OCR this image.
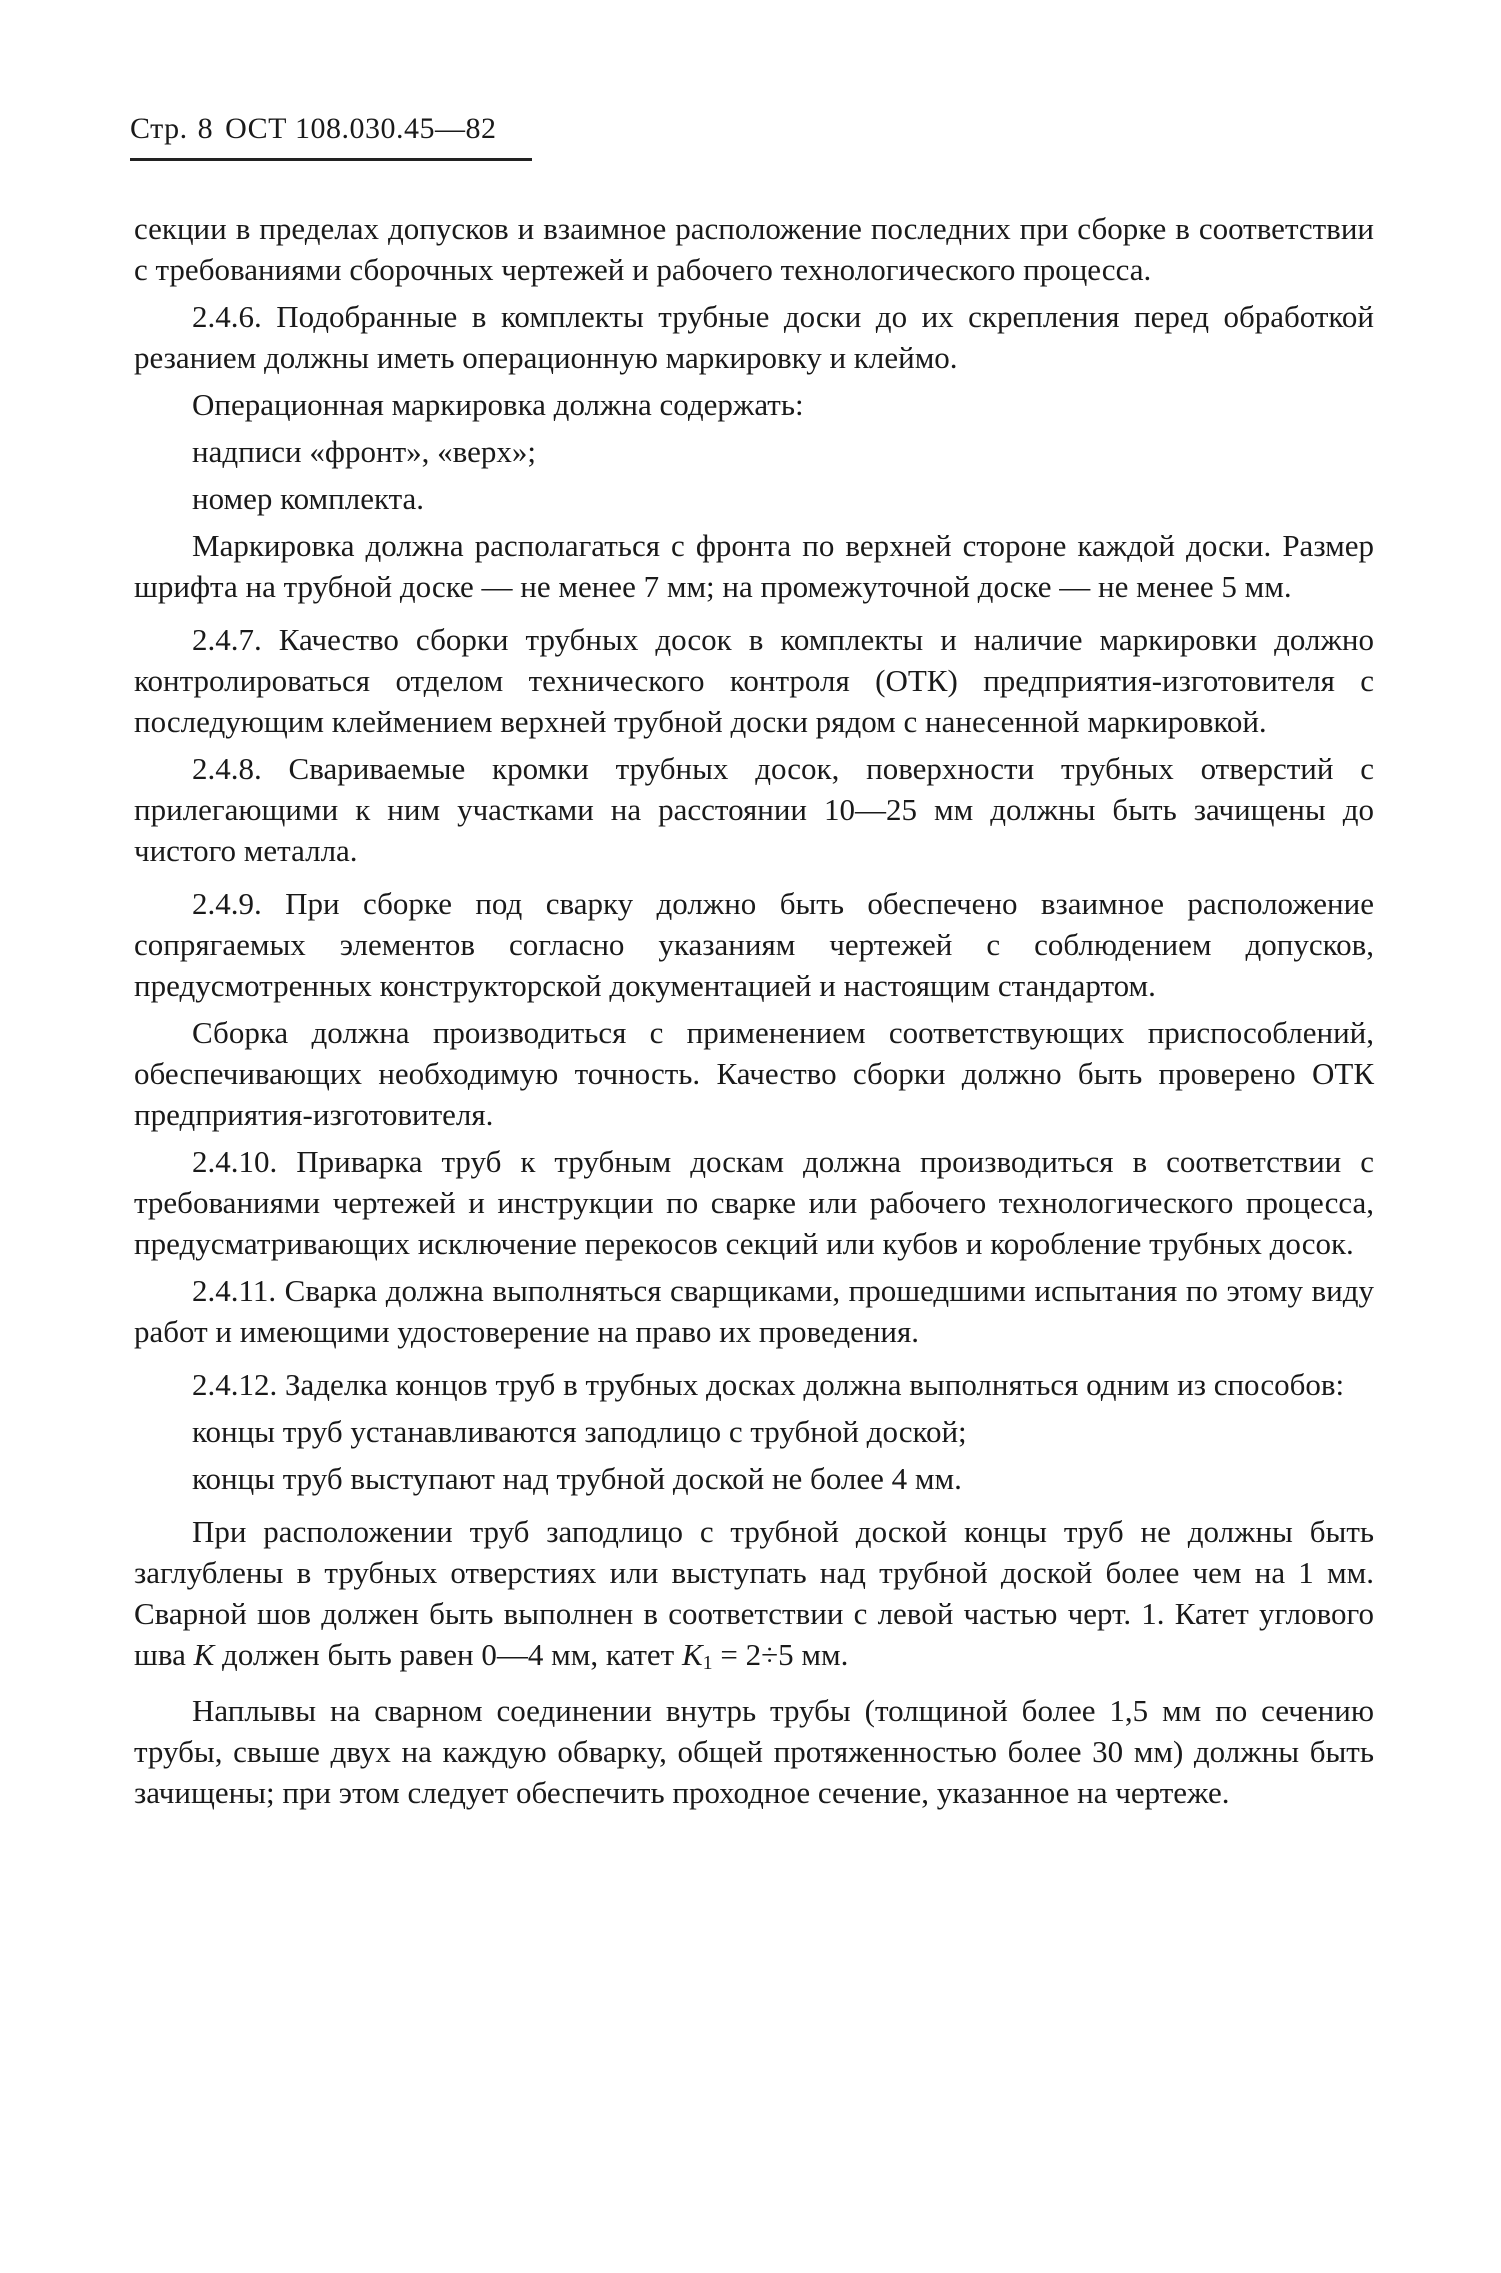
Стр. 8 ОСТ 108.030.45—82

секции в пределах допусков и взаимное расположение последних при сборке в соответствии с требованиями сборочных чертежей и рабочего технологического процесса.

2.4.6. Подобранные в комплекты трубные доски до их скрепления перед обработкой резанием должны иметь операционную маркировку и клеймо.

Операционная маркировка должна содержать:

надписи «фронт», «верх»;

номер комплекта.

Маркировка должна располагаться с фронта по верхней стороне каждой доски. Размер шрифта на трубной доске — не менее 7 мм; на промежуточной доске — не менее 5 мм.

2.4.7. Качество сборки трубных досок в комплекты и наличие маркировки должно контролироваться отделом технического контроля (ОТК) предприятия-изготовителя с последующим клеймением верхней трубной доски рядом с нанесенной маркировкой.

2.4.8. Свариваемые кромки трубных досок, поверхности трубных отверстий с прилегающими к ним участками на расстоянии 10—25 мм должны быть зачищены до чистого металла.

2.4.9. При сборке под сварку должно быть обеспечено взаимное расположение сопрягаемых элементов согласно указаниям чертежей с соблюдением допусков, предусмотренных конструкторской документацией и настоящим стандартом.

Сборка должна производиться с применением соответствующих приспособлений, обеспечивающих необходимую точность. Качество сборки должно быть проверено ОТК предприятия-изготовителя.

2.4.10. Приварка труб к трубным доскам должна производиться в соответствии с требованиями чертежей и инструкции по сварке или рабочего технологического процесса, предусматривающих исключение перекосов секций или кубов и коробление трубных досок.

2.4.11. Сварка должна выполняться сварщиками, прошедшими испытания по этому виду работ и имеющими удостоверение на право их проведения.

2.4.12. Заделка концов труб в трубных досках должна выполняться одним из способов:

концы труб устанавливаются заподлицо с трубной доской;

концы труб выступают над трубной доской не более 4 мм.

При расположении труб заподлицо с трубной доской концы труб не должны быть заглублены в трубных отверстиях или выступать над трубной доской более чем на 1 мм. Сварной шов должен быть выполнен в соответствии с левой частью черт. 1. Катет углового шва K должен быть равен 0—4 мм, катет $K_1 = 2\div 5$ мм.

Наплывы на сварном соединении внутрь трубы (толщиной более 1,5 мм по сечению трубы, свыше двух на каждую обварку, общей протяженностью более 30 мм) должны быть зачищены; при этом следует обеспечить проходное сечение, указанное на чертеже.
